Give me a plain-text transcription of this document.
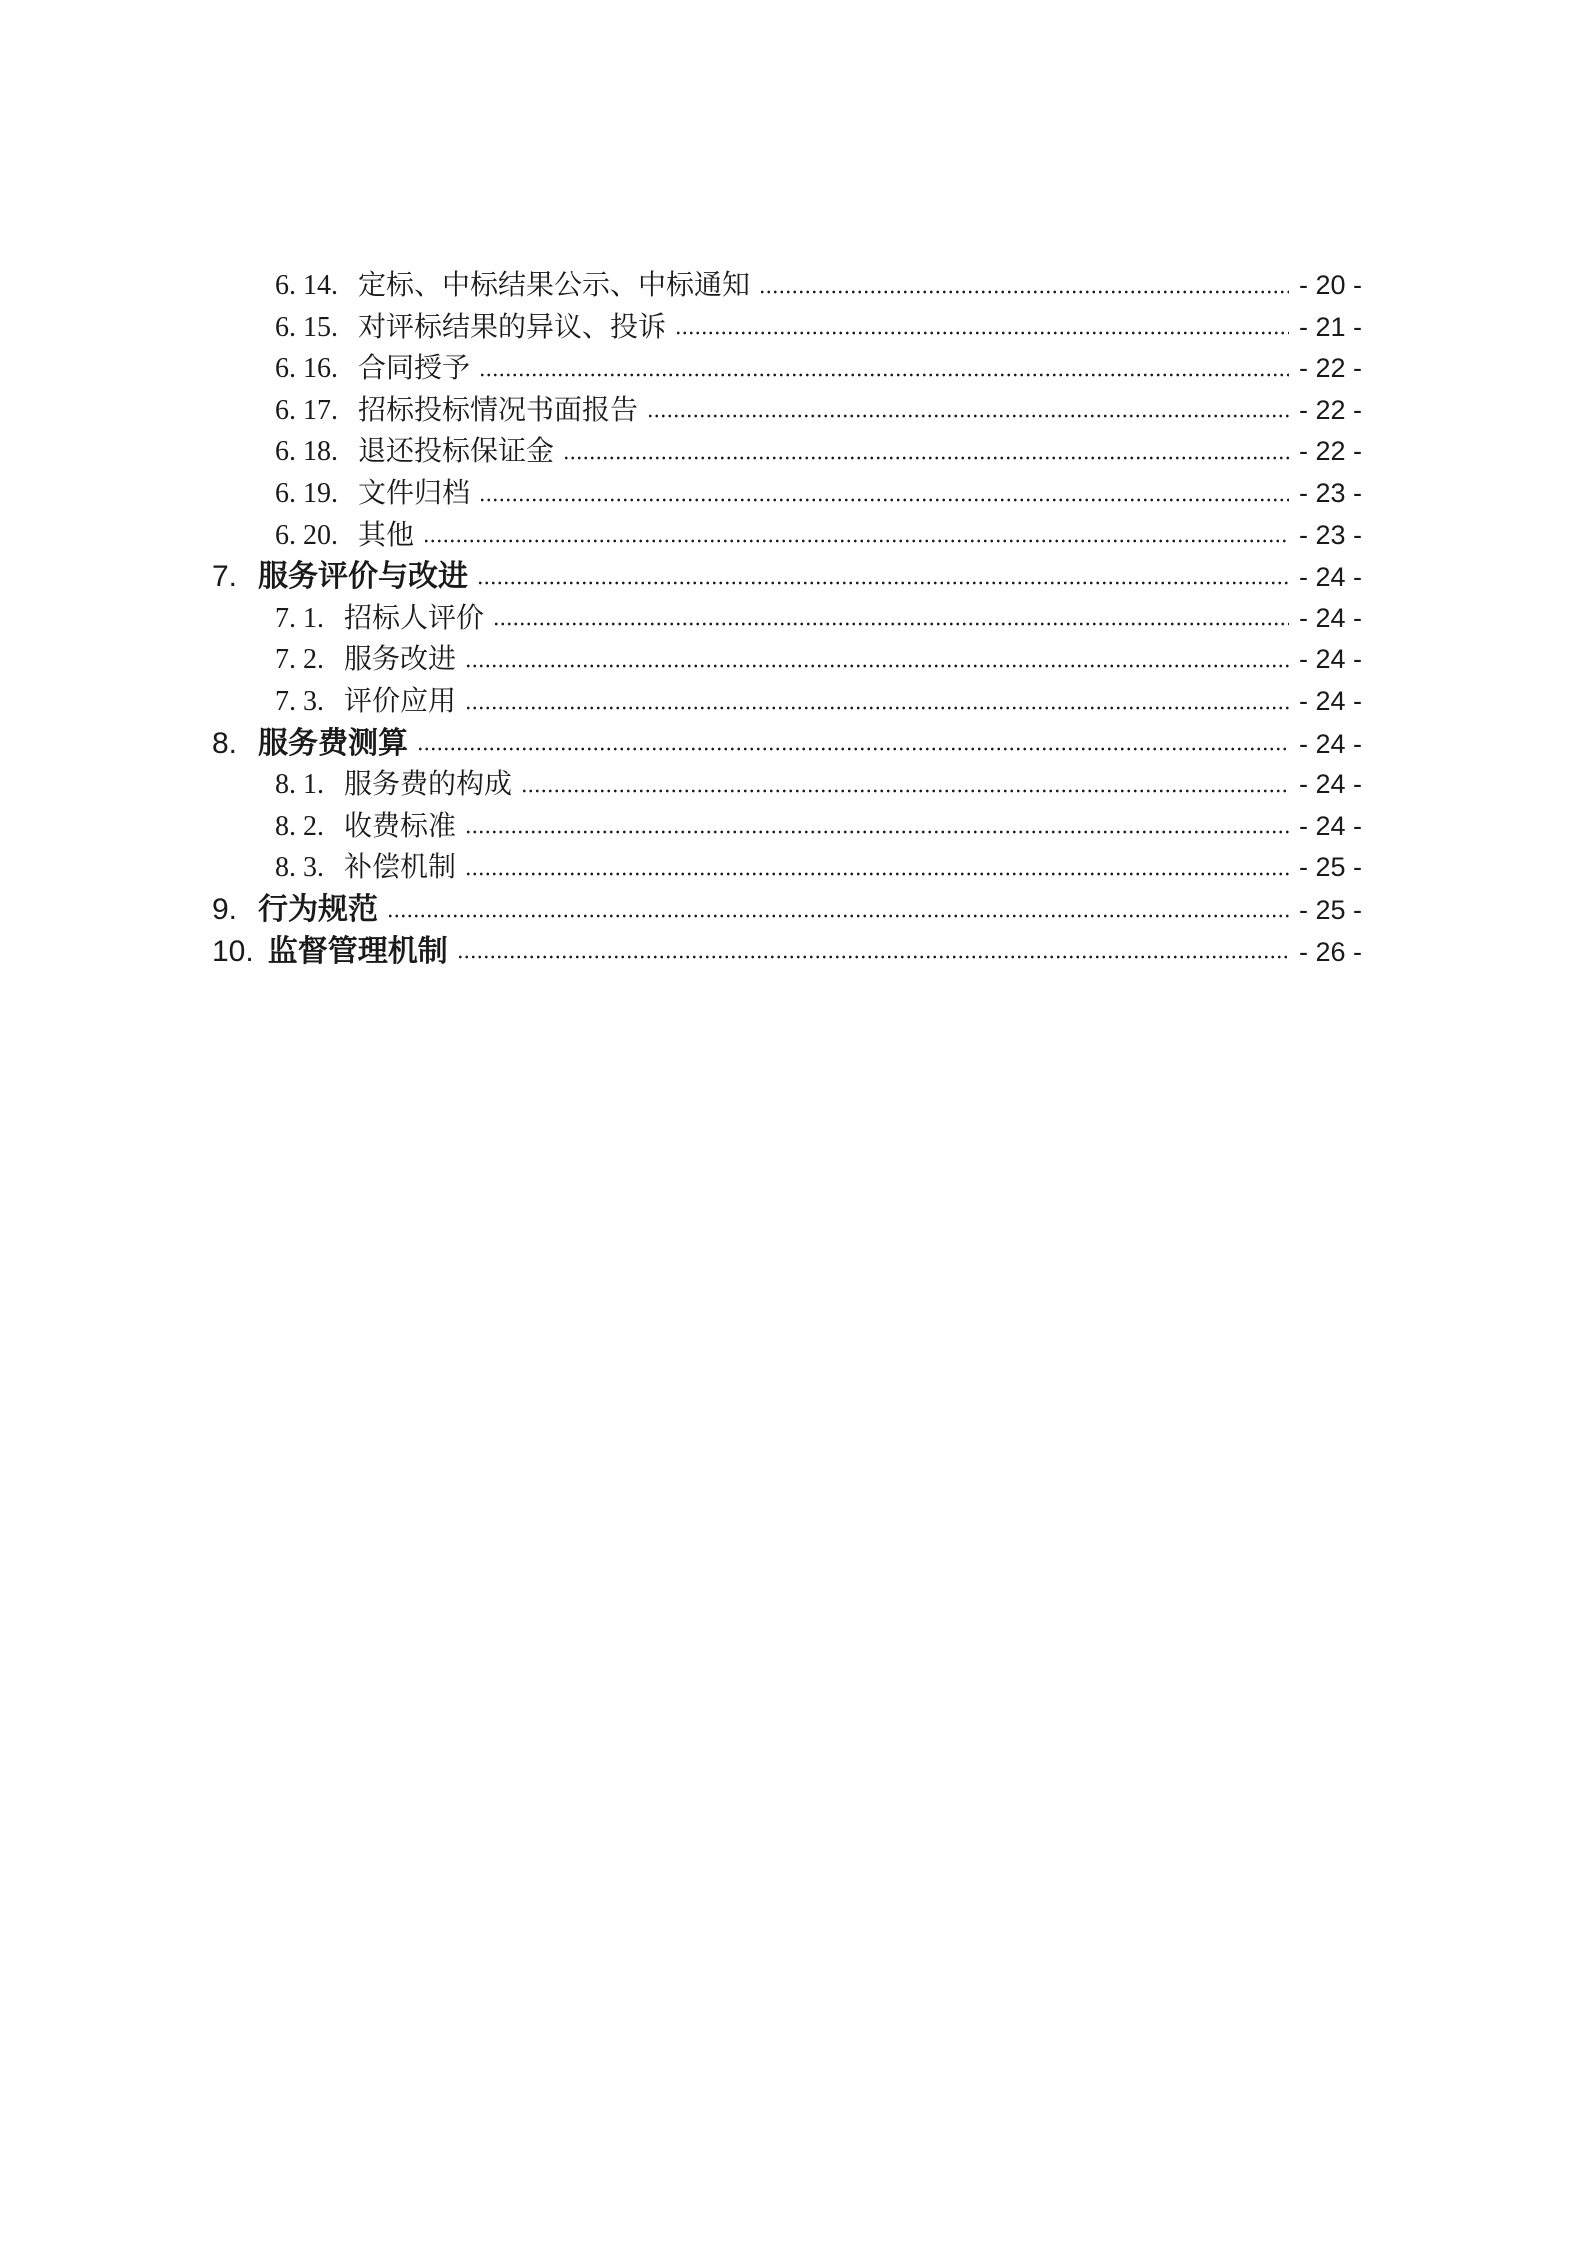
6. 14. 定标、中标结果公示、中标通知	- 20 -
6. 15. 对评标结果的异议、投诉	- 21 -
6. 16. 合同授予	- 22 -
6. 17. 招标投标情况书面报告	- 22 -
6. 18. 退还投标保证金	- 22 -
6. 19. 文件归档	- 23 -
6. 20. 其他	- 23 -
7. 服务评价与改进	- 24 -
7. 1. 招标人评价	- 24 -
7. 2. 服务改进	- 24 -
7. 3. 评价应用	- 24 -
8. 服务费测算	- 24 -
8. 1. 服务费的构成	- 24 -
8. 2. 收费标准	- 24 -
8. 3. 补偿机制	- 25 -
9. 行为规范	- 25 -
10. 监督管理机制	- 26 -
